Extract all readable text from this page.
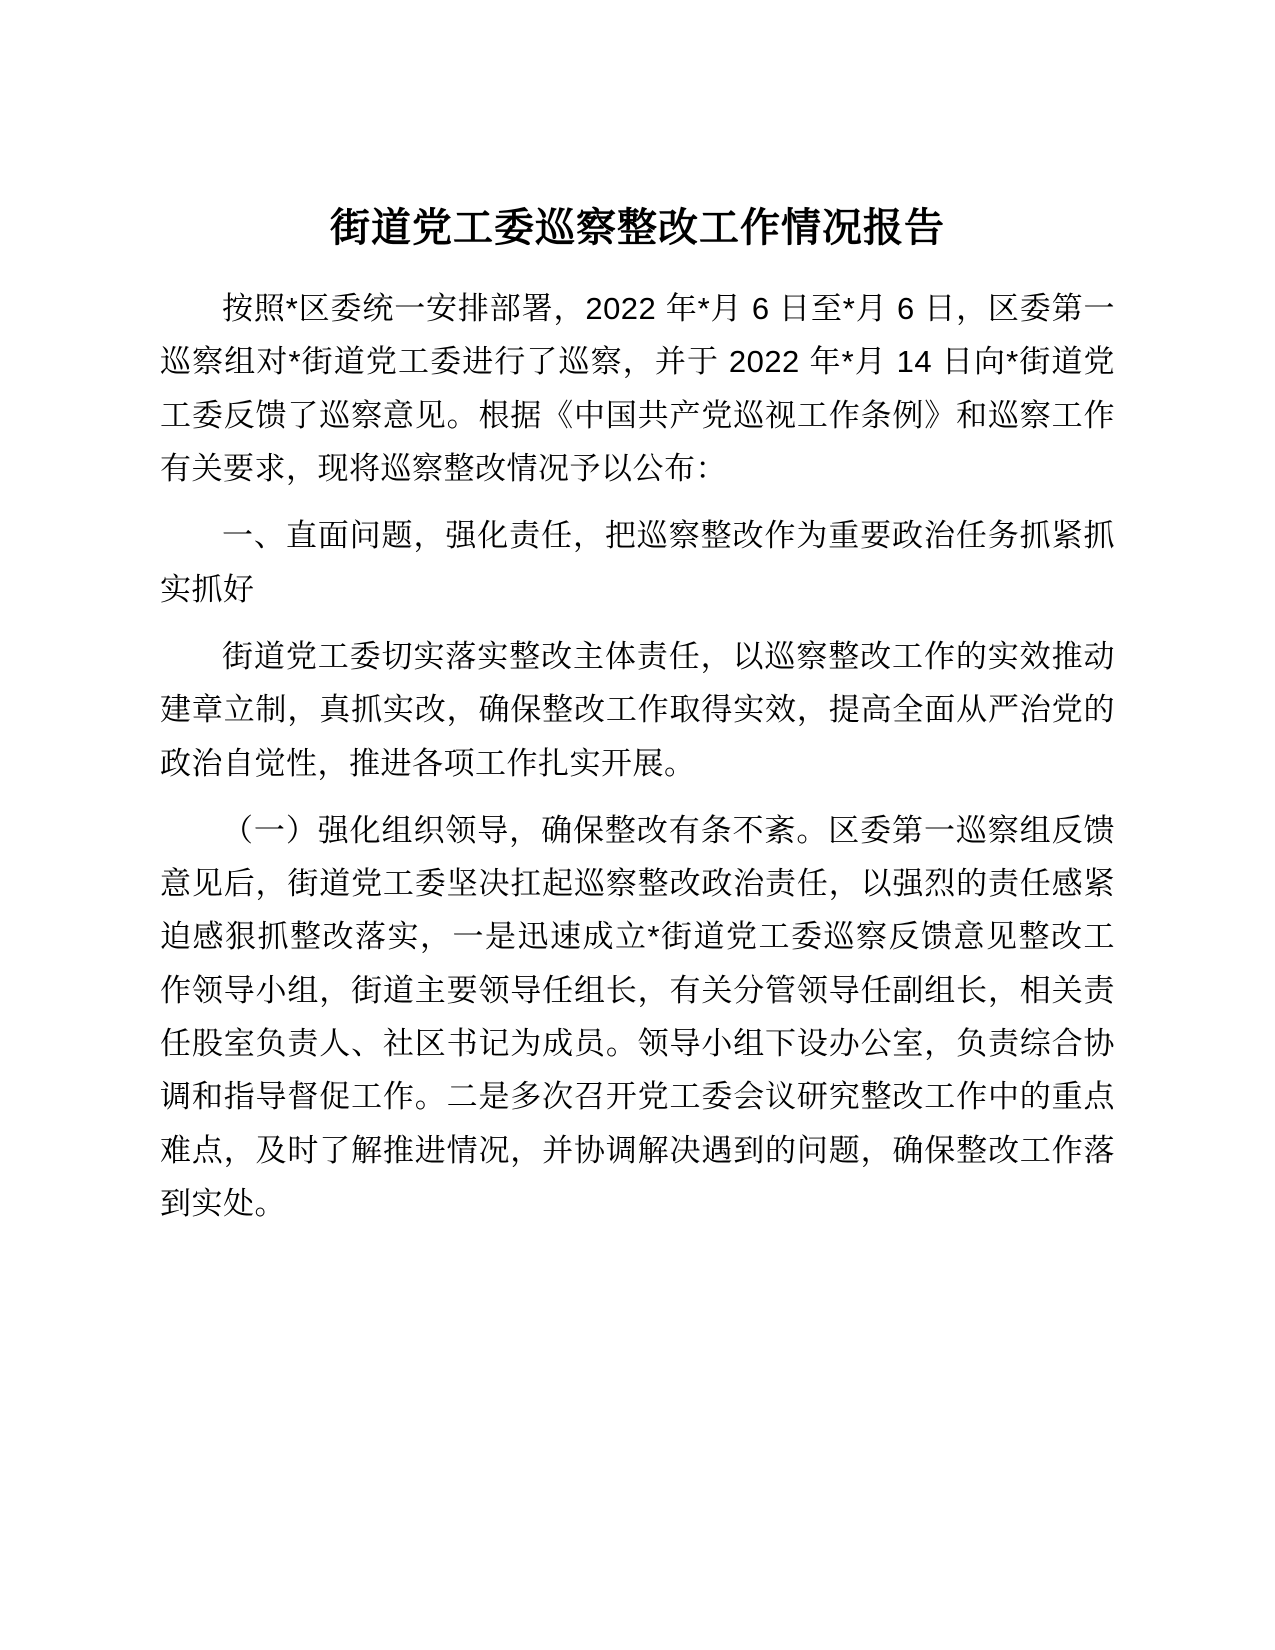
街道党工委巡察整改工作情况报告

按照*区委统一安排部署，2022 年*月 6 日至*月 6 日，区委第一巡察组对*街道党工委进行了巡察，并于 2022 年*月 14 日向*街道党工委反馈了巡察意见。根据《中国共产党巡视工作条例》和巡察工作有关要求，现将巡察整改情况予以公布：

一、直面问题，强化责任，把巡察整改作为重要政治任务抓紧抓实抓好

街道党工委切实落实整改主体责任，以巡察整改工作的实效推动建章立制，真抓实改，确保整改工作取得实效，提高全面从严治党的政治自觉性，推进各项工作扎实开展。

（一）强化组织领导，确保整改有条不紊。区委第一巡察组反馈意见后，街道党工委坚决扛起巡察整改政治责任，以强烈的责任感紧迫感狠抓整改落实，一是迅速成立*街道党工委巡察反馈意见整改工作领导小组，街道主要领导任组长，有关分管领导任副组长，相关责任股室负责人、社区书记为成员。领导小组下设办公室，负责综合协调和指导督促工作。二是多次召开党工委会议研究整改工作中的重点难点，及时了解推进情况，并协调解决遇到的问题，确保整改工作落到实处。
